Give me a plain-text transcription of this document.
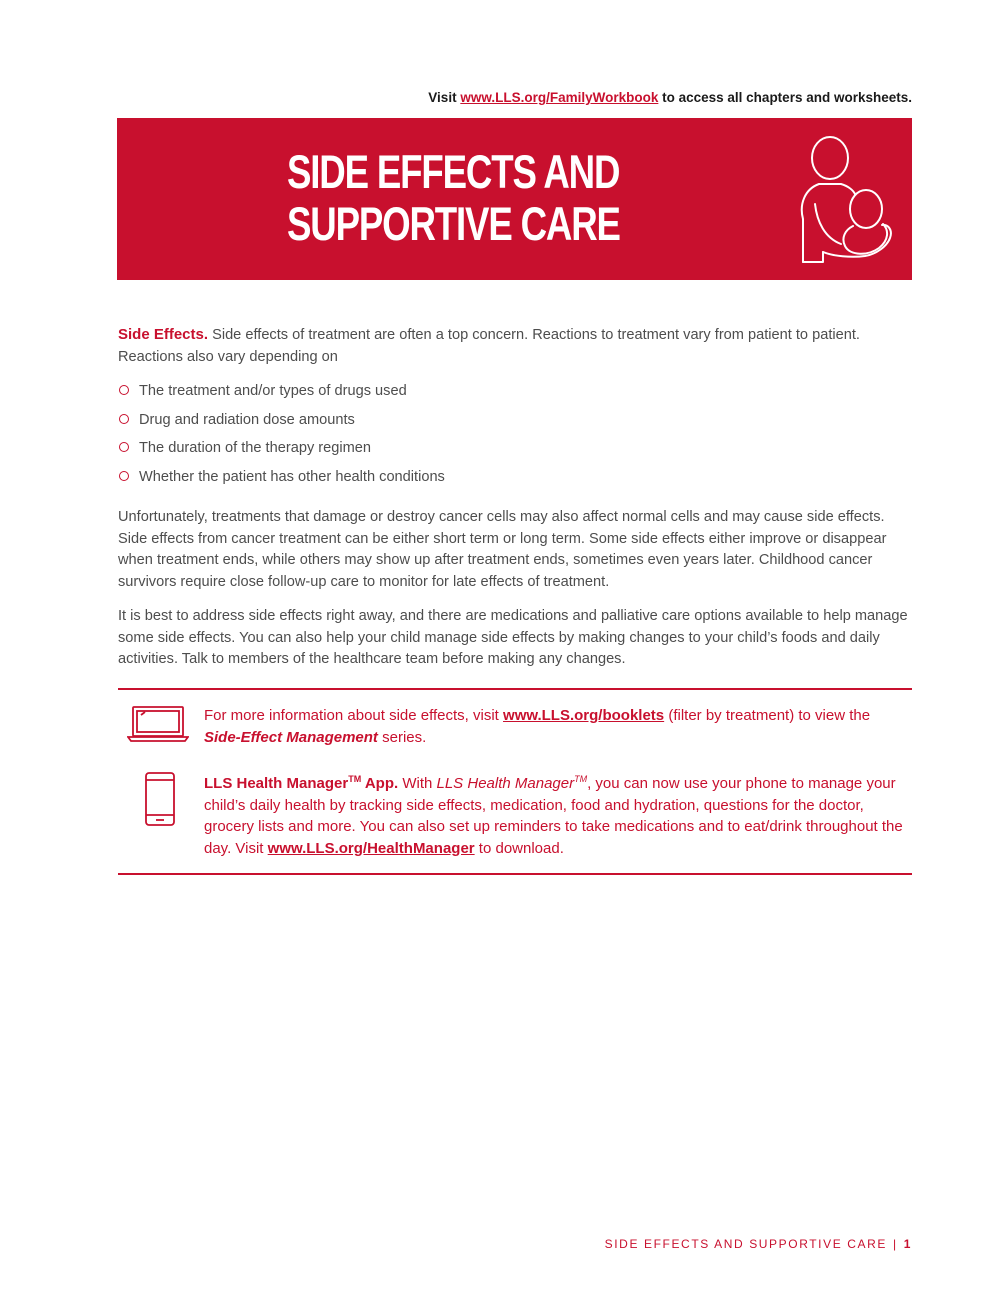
Visit www.LLS.org/FamilyWorkbook to access all chapters and worksheets.
SIDE EFFECTS AND
SUPPORTIVE CARE

Side Effects. Side effects of treatment are often a top concern. Reactions to treatment vary from patient to patient. Reactions also vary depending on

The treatment and/or types of drugs used
Drug and radiation dose amounts
The duration of the therapy regimen
Whether the patient has other health conditions

Unfortunately, treatments that damage or destroy cancer cells may also affect normal cells and may cause side effects. Side effects from cancer treatment can be either short term or long term. Some side effects either improve or disappear when treatment ends, while others may show up after treatment ends, sometimes even years later. Childhood cancer survivors require close follow-up care to monitor for late effects of treatment.

It is best to address side effects right away, and there are medications and palliative care options available to help manage some side effects. You can also help your child manage side effects by making changes to your child’s foods and daily activities. Talk to members of the healthcare team before making any changes.

For more information about side effects, visit www.LLS.org/booklets (filter by treatment) to view the Side-Effect Management series.
LLS Health Manager™ App. With LLS Health Manager™, you can now use your phone to manage your child’s daily health by tracking side effects, medication, food and hydration, questions for the doctor, grocery lists and more. You can also set up reminders to take medications and to eat/drink throughout the day. Visit www.LLS.org/HealthManager to download.
SIDE EFFECTS AND SUPPORTIVE CARE | 1
